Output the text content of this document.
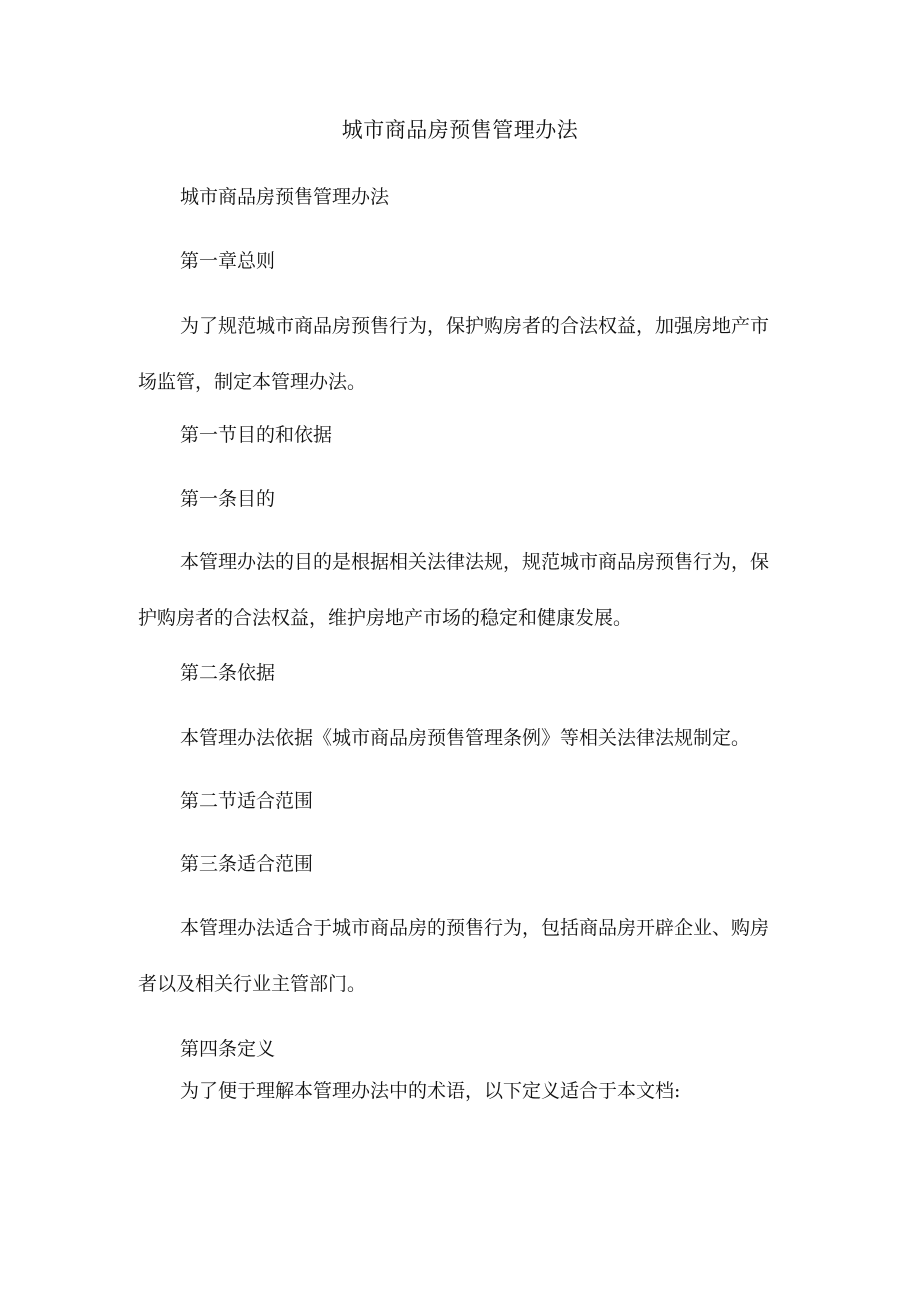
城市商品房预售管理办法

城市商品房预售管理办法

第一章总则

为了规范城市商品房预售行为，保护购房者的合法权益，加强房地产市场监管，制定本管理办法。

第一节目的和依据

第一条目的

本管理办法的目的是根据相关法律法规，规范城市商品房预售行为，保护购房者的合法权益，维护房地产市场的稳定和健康发展。

第二条依据

本管理办法依据《城市商品房预售管理条例》等相关法律法规制定。

第二节适合范围

第三条适合范围

本管理办法适合于城市商品房的预售行为，包括商品房开辟企业、购房者以及相关行业主管部门。

第四条定义

为了便于理解本管理办法中的术语，以下定义适合于本文档:
